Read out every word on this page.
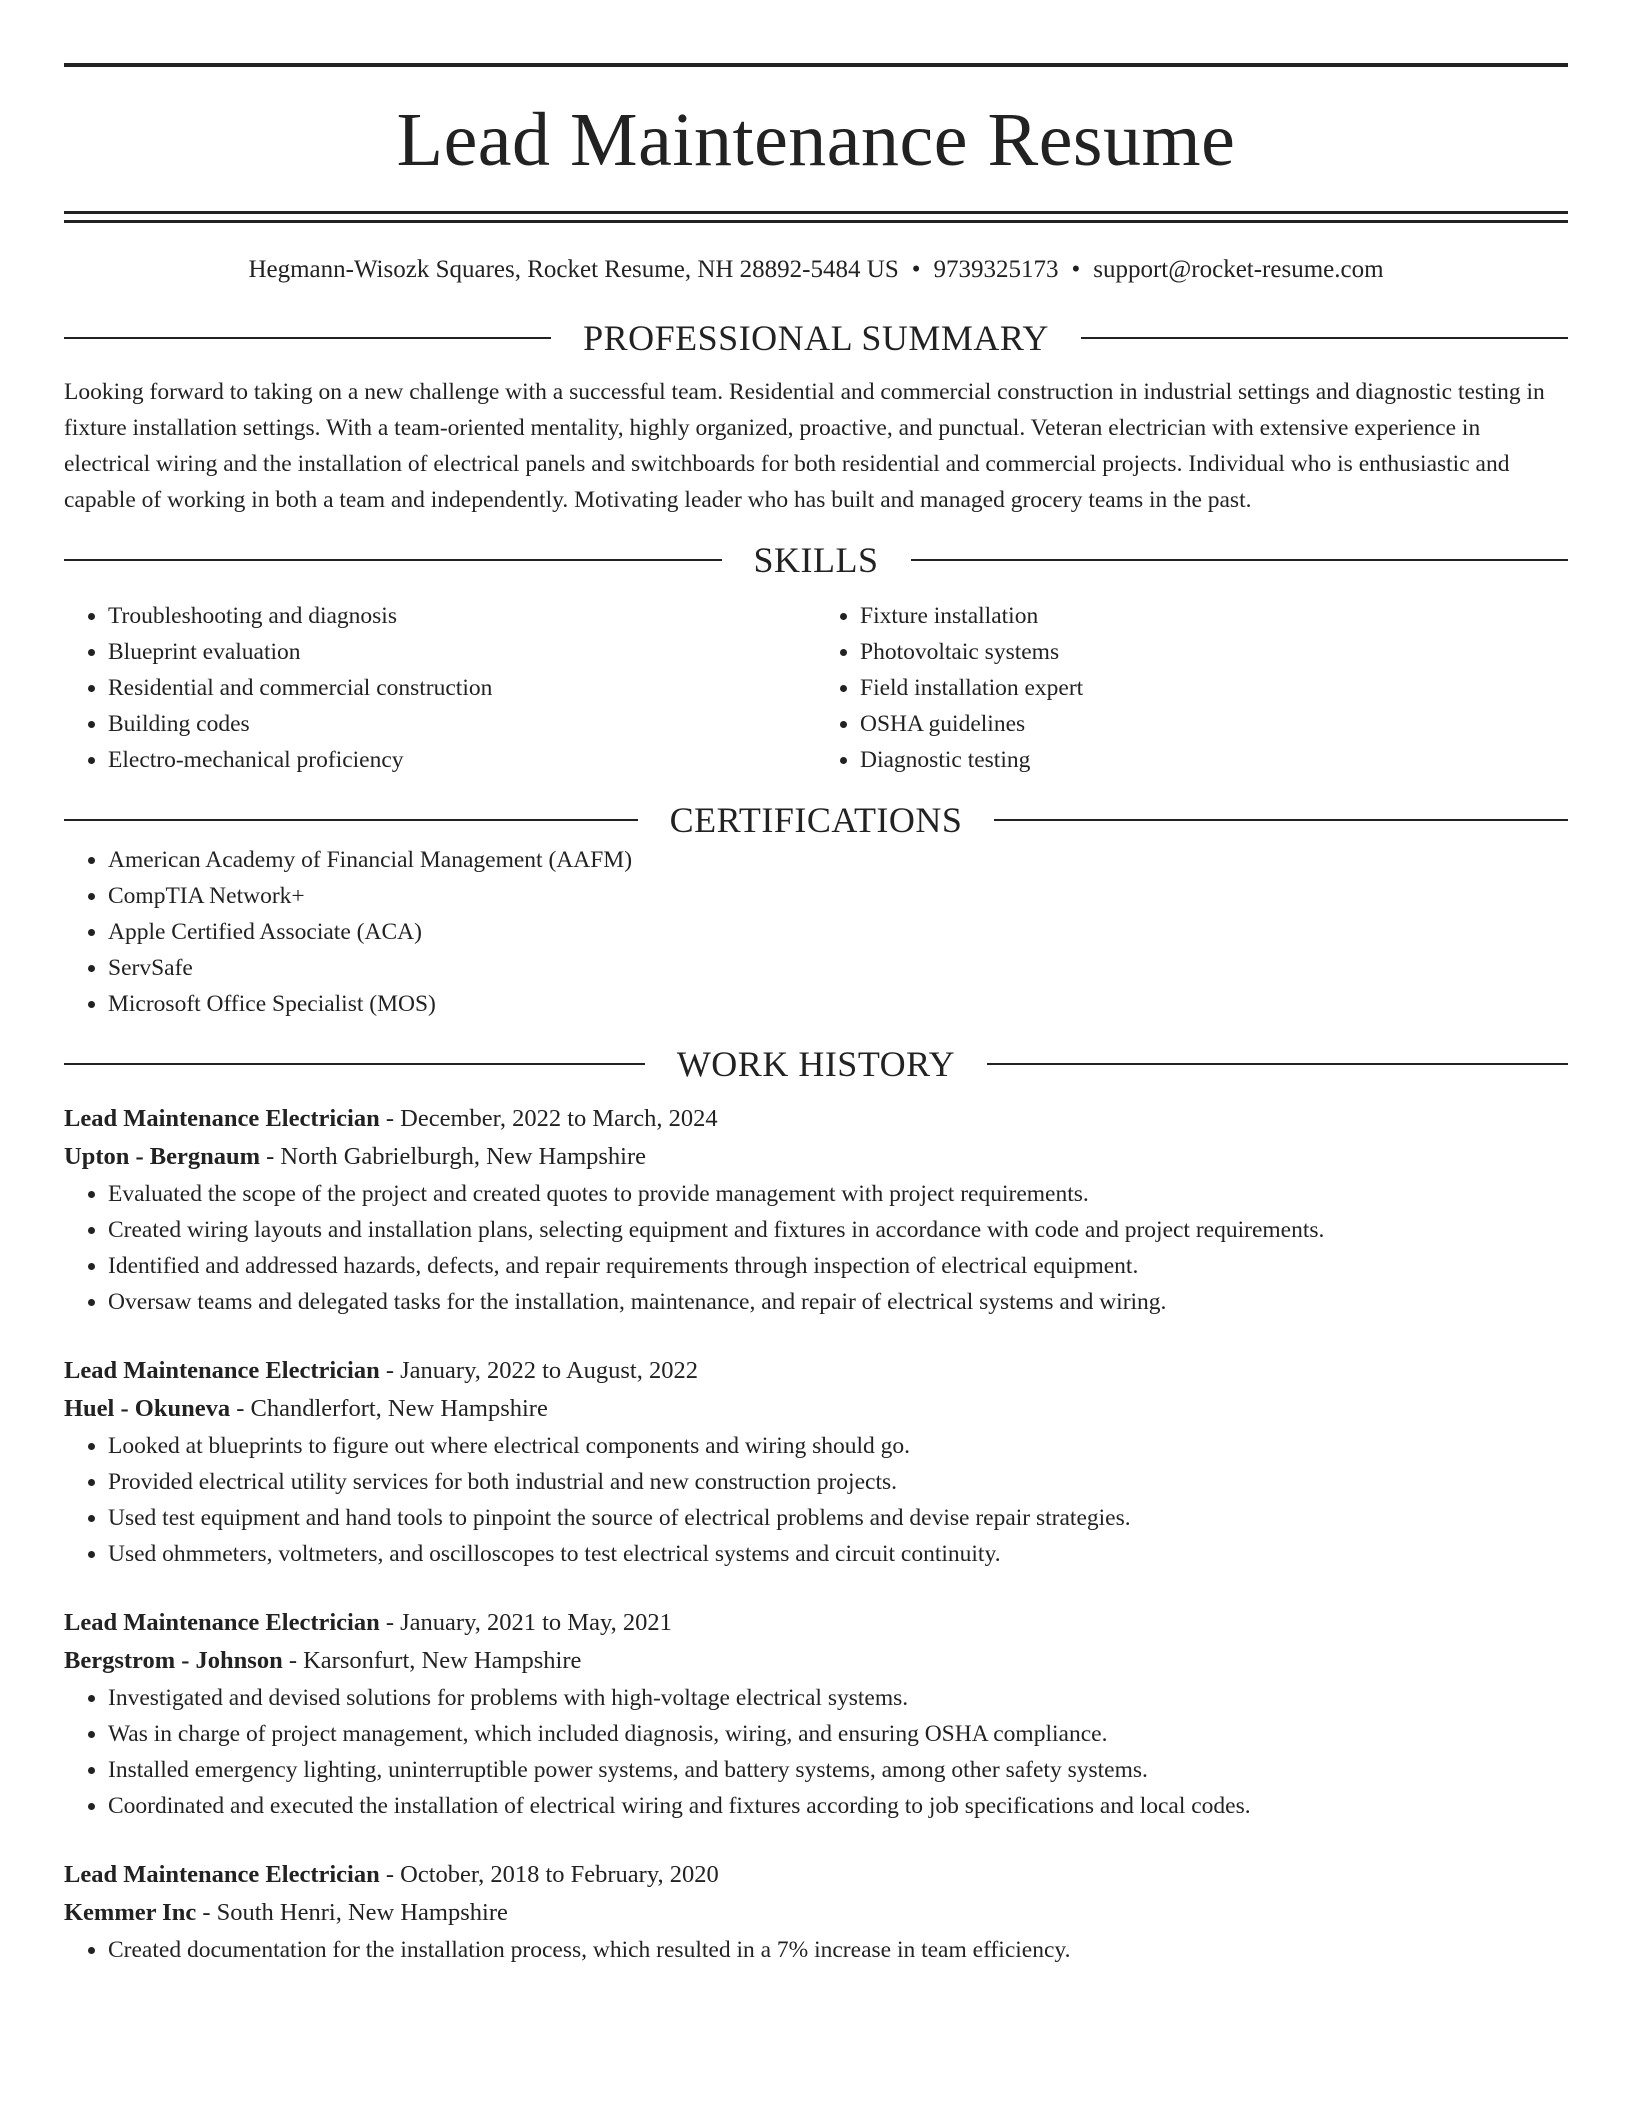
Lead Maintenance Resume
Hegmann-Wisozk Squares, Rocket Resume, NH 28892-5484 US • 9739325173 • support@rocket-resume.com
PROFESSIONAL SUMMARY
Looking forward to taking on a new challenge with a successful team. Residential and commercial construction in industrial settings and diagnostic testing in fixture installation settings. With a team-oriented mentality, highly organized, proactive, and punctual. Veteran electrician with extensive experience in electrical wiring and the installation of electrical panels and switchboards for both residential and commercial projects. Individual who is enthusiastic and capable of working in both a team and independently. Motivating leader who has built and managed grocery teams in the past.
SKILLS
• Troubleshooting and diagnosis
• Blueprint evaluation
• Residential and commercial construction
• Building codes
• Electro-mechanical proficiency
• Fixture installation
• Photovoltaic systems
• Field installation expert
• OSHA guidelines
• Diagnostic testing
CERTIFICATIONS
• American Academy of Financial Management (AAFM)
• CompTIA Network+
• Apple Certified Associate (ACA)
• ServSafe
• Microsoft Office Specialist (MOS)
WORK HISTORY
Lead Maintenance Electrician - December, 2022 to March, 2024
Upton - Bergnaum - North Gabrielburgh, New Hampshire
• Evaluated the scope of the project and created quotes to provide management with project requirements.
• Created wiring layouts and installation plans, selecting equipment and fixtures in accordance with code and project requirements.
• Identified and addressed hazards, defects, and repair requirements through inspection of electrical equipment.
• Oversaw teams and delegated tasks for the installation, maintenance, and repair of electrical systems and wiring.
Lead Maintenance Electrician - January, 2022 to August, 2022
Huel - Okuneva - Chandlerfort, New Hampshire
• Looked at blueprints to figure out where electrical components and wiring should go.
• Provided electrical utility services for both industrial and new construction projects.
• Used test equipment and hand tools to pinpoint the source of electrical problems and devise repair strategies.
• Used ohmmeters, voltmeters, and oscilloscopes to test electrical systems and circuit continuity.
Lead Maintenance Electrician - January, 2021 to May, 2021
Bergstrom - Johnson - Karsonfurt, New Hampshire
• Investigated and devised solutions for problems with high-voltage electrical systems.
• Was in charge of project management, which included diagnosis, wiring, and ensuring OSHA compliance.
• Installed emergency lighting, uninterruptible power systems, and battery systems, among other safety systems.
• Coordinated and executed the installation of electrical wiring and fixtures according to job specifications and local codes.
Lead Maintenance Electrician - October, 2018 to February, 2020
Kemmer Inc - South Henri, New Hampshire
• Created documentation for the installation process, which resulted in a 7% increase in team efficiency.
